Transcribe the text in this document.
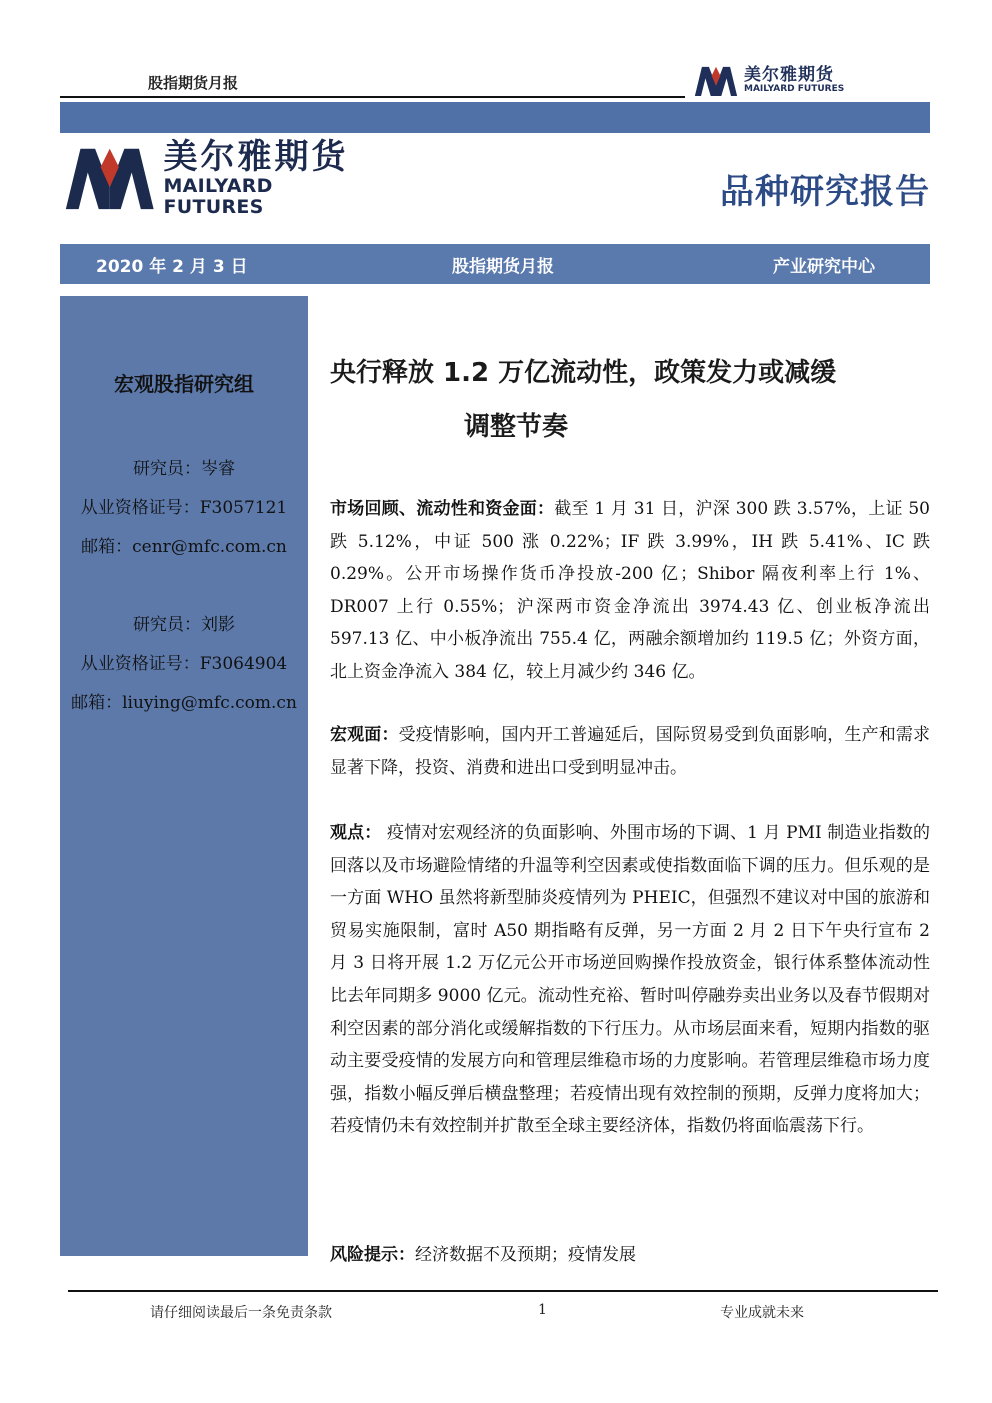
股指期货月报	美尔雅期货
MAILYARD FUTURES
美尔雅期货
MAILYARD FUTURES	品种研究报告
2020 年 2 月 3 日	股指期货月报	产业研究中心
宏观股指研究组
研究员：岑睿
从业资格证号：F3057121
邮箱：cenr@mfc.com.cn
研究员：刘影
从业资格证号：F3064904
邮箱：liuying@mfc.com.cn
央行释放 1.2 万亿流动性，政策发力或减缓
调整节奏
市场回顾、流动性和资金面：截至 1 月 31 日，沪深 300 跌 3.57%，上证 50 跌 5.12%，中证 500 涨 0.22%；IF 跌 3.99%，IH 跌 5.41%、IC 跌 0.29%。公开市场操作货币净投放-200 亿；Shibor 隔夜利率上行 1%、DR007 上行 0.55%；沪深两市资金净流出 3974.43 亿、创业板净流出 597.13 亿、中小板净流出 755.4 亿，两融余额增加约 119.5 亿；外资方面，北上资金净流入 384 亿，较上月减少约 346 亿。
宏观面：受疫情影响，国内开工普遍延后，国际贸易受到负面影响，生产和需求显著下降，投资、消费和进出口受到明显冲击。
观点： 疫情对宏观经济的负面影响、外围市场的下调、1 月 PMI 制造业指数的回落以及市场避险情绪的升温等利空因素或使指数面临下调的压力。但乐观的是一方面 WHO 虽然将新型肺炎疫情列为 PHEIC，但强烈不建议对中国的旅游和贸易实施限制，富时 A50 期指略有反弹，另一方面 2 月 2 日下午央行宣布 2 月 3 日将开展 1.2 万亿元公开市场逆回购操作投放资金，银行体系整体流动性比去年同期多 9000 亿元。流动性充裕、暂时叫停融券卖出业务以及春节假期对利空因素的部分消化或缓解指数的下行压力。从市场层面来看，短期内指数的驱动主要受疫情的发展方向和管理层维稳市场的力度影响。若管理层维稳市场力度强，指数小幅反弹后横盘整理；若疫情出现有效控制的预期，反弹力度将加大；若疫情仍未有效控制并扩散至全球主要经济体，指数仍将面临震荡下行。
风险提示：经济数据不及预期；疫情发展
请仔细阅读最后一条免责条款	1	专业成就未来
